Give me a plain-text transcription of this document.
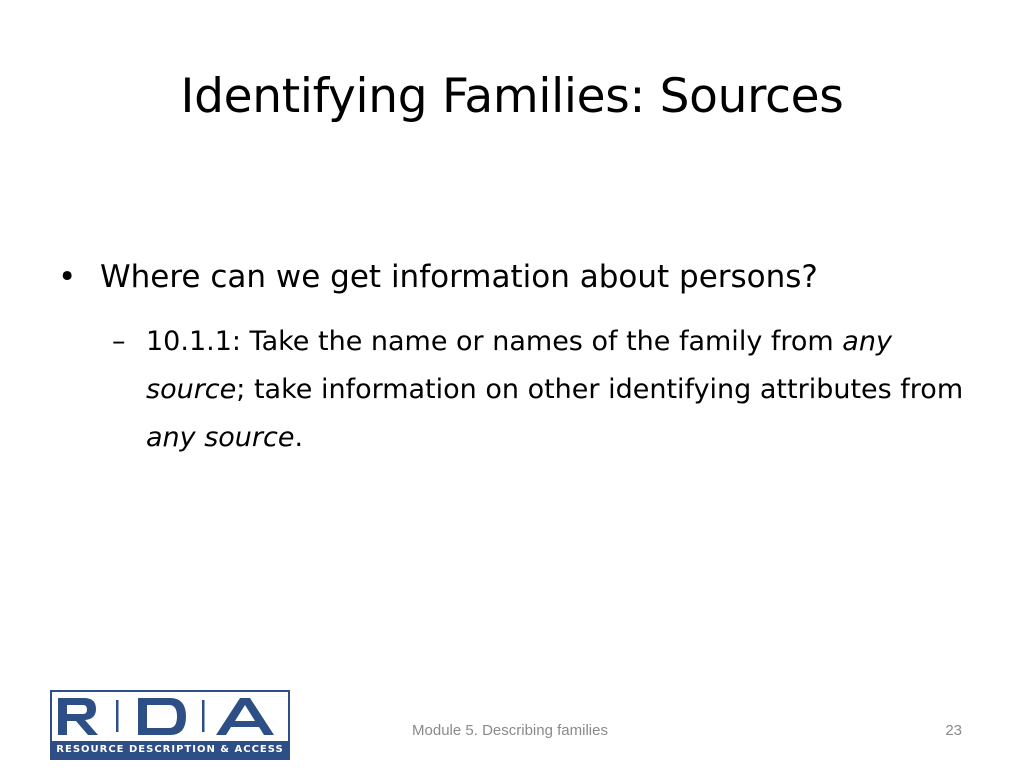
Identifying Families: Sources
• Where can we get information about persons?
– 10.1.1: Take the name or names of the family from any source; take information on other identifying attributes from any source.
RESOURCE DESCRIPTION & ACCESS
Module 5. Describing families	23
